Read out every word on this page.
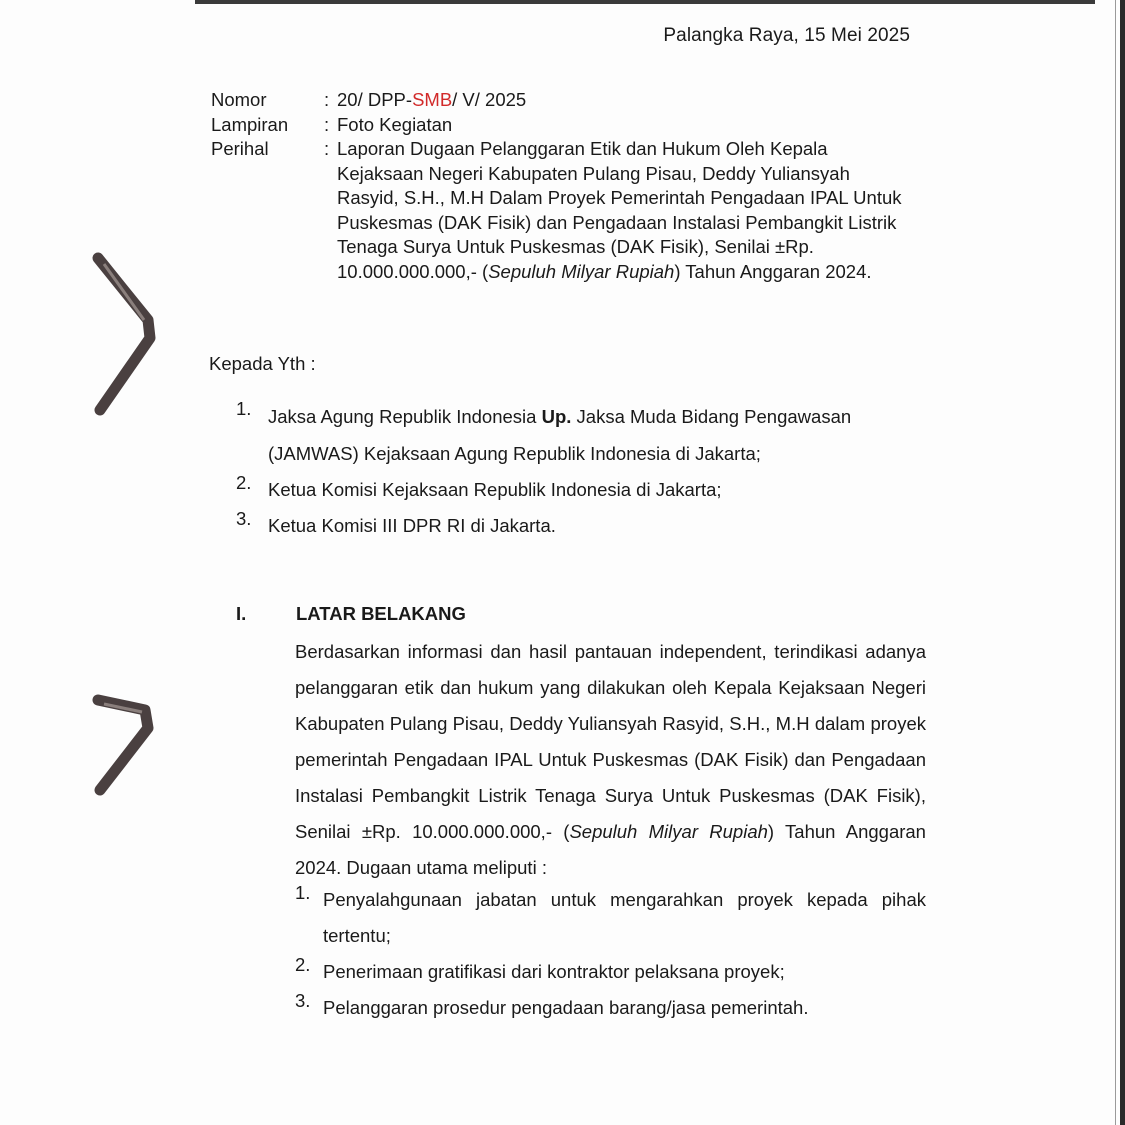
Palangka Raya, 15 Mei 2025
Nomor	: 20/ DPP-SMB/ V/ 2025
Lampiran	: Foto Kegiatan
Perihal	: Laporan Dugaan Pelanggaran Etik dan Hukum Oleh Kepala
Kejaksaan Negeri Kabupaten Pulang Pisau, Deddy Yuliansyah
Rasyid, S.H., M.H Dalam Proyek Pemerintah Pengadaan IPAL Untuk
Puskesmas (DAK Fisik) dan Pengadaan Instalasi Pembangkit Listrik
Tenaga Surya Untuk Puskesmas (DAK Fisik), Senilai ±Rp.
10.000.000.000,- (Sepuluh Milyar Rupiah) Tahun Anggaran 2024.
Kepada Yth :
1. Jaksa Agung Republik Indonesia Up. Jaksa Muda Bidang Pengawasan
(JAMWAS) Kejaksaan Agung Republik Indonesia di Jakarta;
2. Ketua Komisi Kejaksaan Republik Indonesia di Jakarta;
3. Ketua Komisi III DPR RI di Jakarta.
I.	LATAR BELAKANG
Berdasarkan informasi dan hasil pantauan independent, terindikasi adanya pelanggaran etik dan hukum yang dilakukan oleh Kepala Kejaksaan Negeri Kabupaten Pulang Pisau, Deddy Yuliansyah Rasyid, S.H., M.H dalam proyek pemerintah Pengadaan IPAL Untuk Puskesmas (DAK Fisik) dan Pengadaan Instalasi Pembangkit Listrik Tenaga Surya Untuk Puskesmas (DAK Fisik), Senilai ±Rp. 10.000.000.000,- (Sepuluh Milyar Rupiah) Tahun Anggaran 2024. Dugaan utama meliputi :
1. Penyalahgunaan jabatan untuk mengarahkan proyek kepada pihak tertentu;
2. Penerimaan gratifikasi dari kontraktor pelaksana proyek;
3. Pelanggaran prosedur pengadaan barang/jasa pemerintah.
